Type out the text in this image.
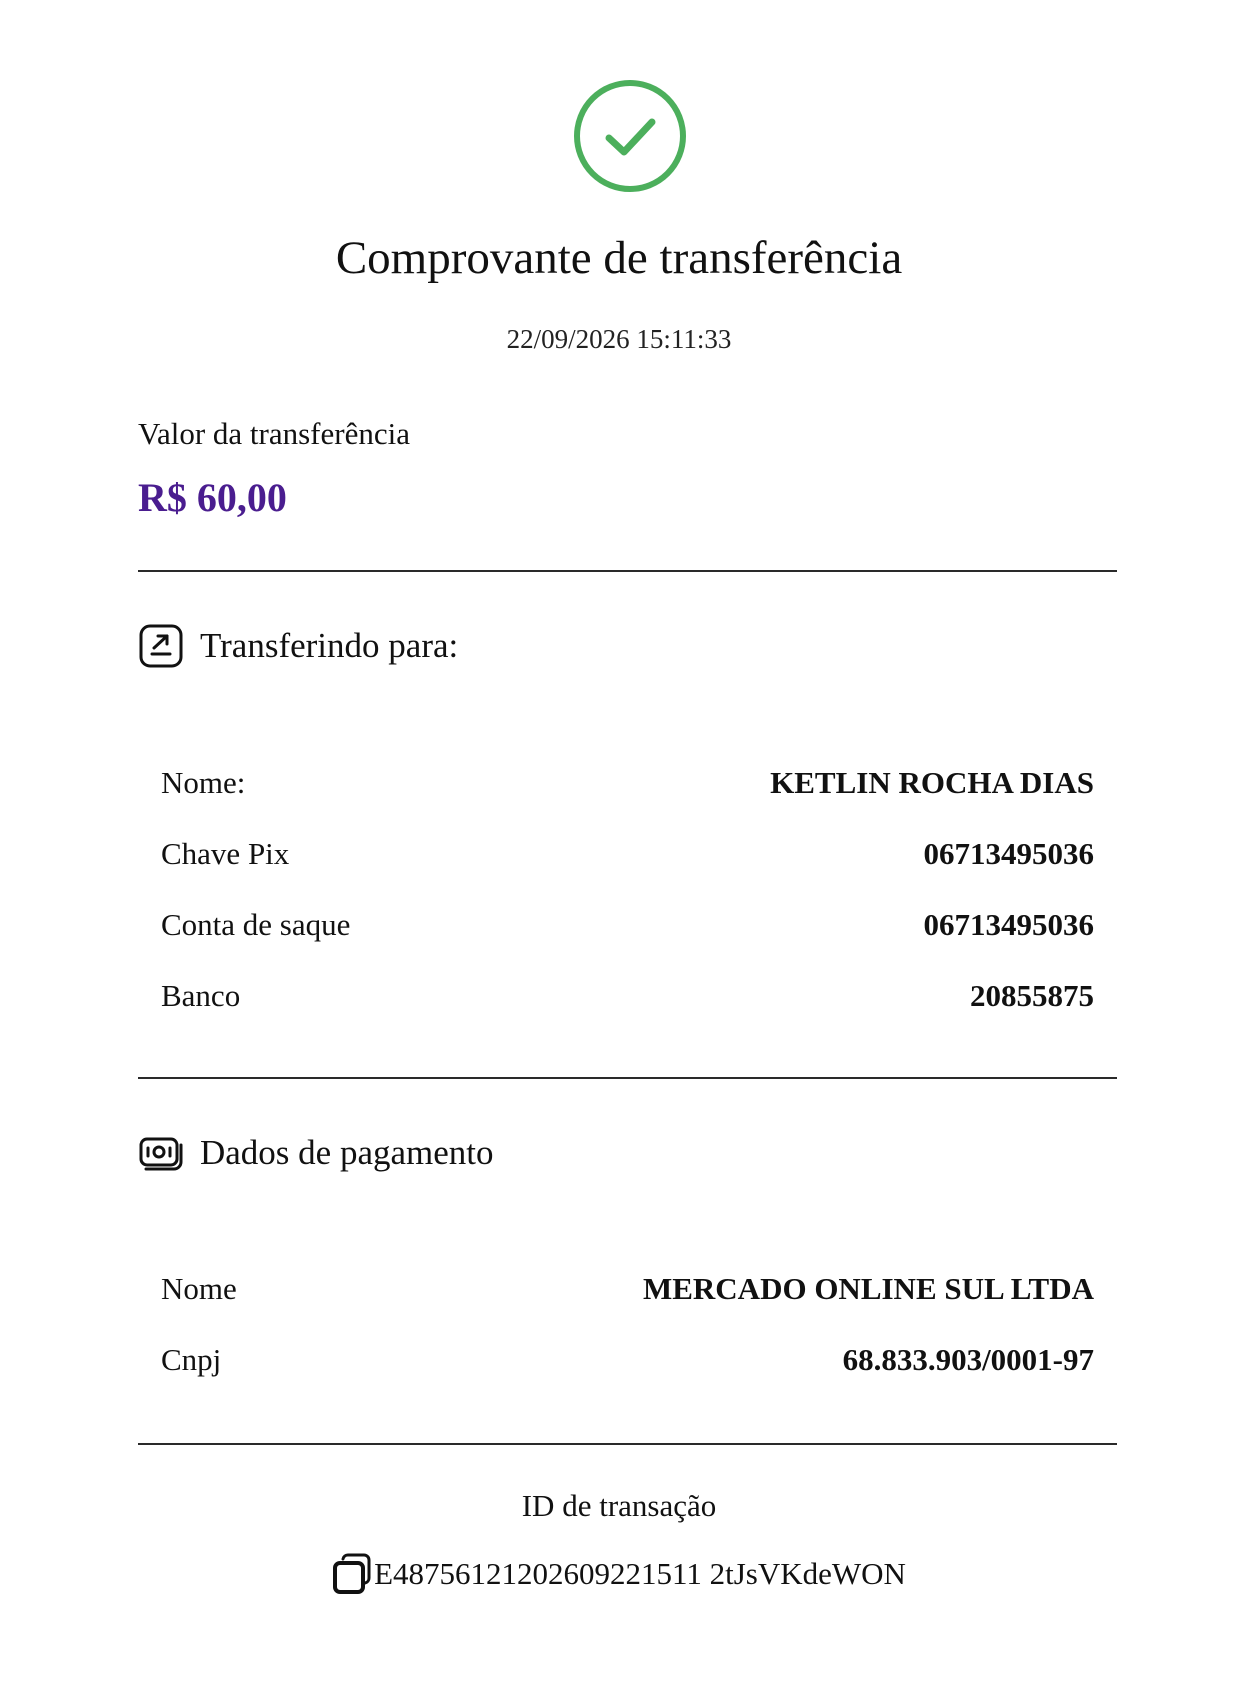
Comprovante de transferência
22/09/2026 15:11:33
Valor da transferência
R$ 60,00
Transferindo para:
Nome:	KETLIN ROCHA DIAS
Chave Pix	06713495036
Conta de saque	06713495036
Banco	20855875
Dados de pagamento
Nome	MERCADO ONLINE SUL LTDA
Cnpj	68.833.903/0001-97
ID de transação
E48756121202609221511 2tJsVKdeWON
